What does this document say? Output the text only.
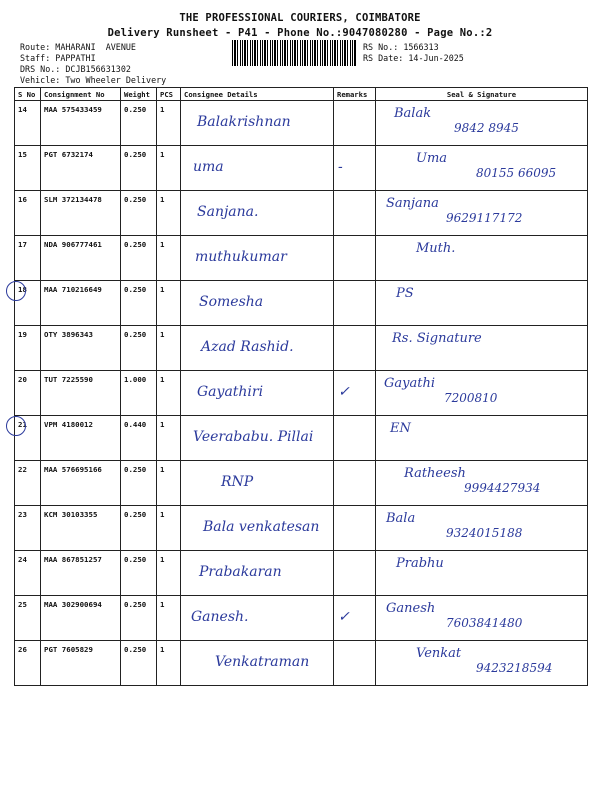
THE PROFESSIONAL COURIERS, COIMBATORE
Delivery Runsheet - P41 - Phone No.:9047080280 - Page No.:2
Route: MAHARANI  AVENUE
Staff: PAPPATHI
DRS No.: DCJB156631302
Vehicle: Two Wheeler Delivery
RS No.: 1566313
RS Date: 14-Jun-2025
S No	Consignment No	Weight	PCS	Consignee Details	Remarks	Seal & Signature
14	MAA 575433459	0.250	1	Balakrishnan		Balak
9842 8945

15	PGT 6732174	0.250	1	uma	-	Uma
80155 66095

16	SLM 372134478	0.250	1	Sanjana.		Sanjana
9629117172

17	NDA 906777461	0.250	1	muthukumar		Muth.

18	MAA 710216649	0.250	1	Somesha		PS

19	OTY 3896343	0.250	1	Azad Rashid.		Rs. Signature

20	TUT 7225590	1.000	1	Gayathiri	✓	Gayathi
7200810

21	VPM 4180012	0.440	1	Veerababu. Pillai		EN

22	MAA 576695166	0.250	1	RNP		Ratheesh
9994427934

23	KCM 30103355	0.250	1	Bala venkatesan		Bala
9324015188

24	MAA 867851257	0.250	1	Prabakaran		Prabhu

25	MAA 302900694	0.250	1	Ganesh.	✓	Ganesh
7603841480

26	PGT 7605829	0.250	1	Venkatraman		Venkat
9423218594
